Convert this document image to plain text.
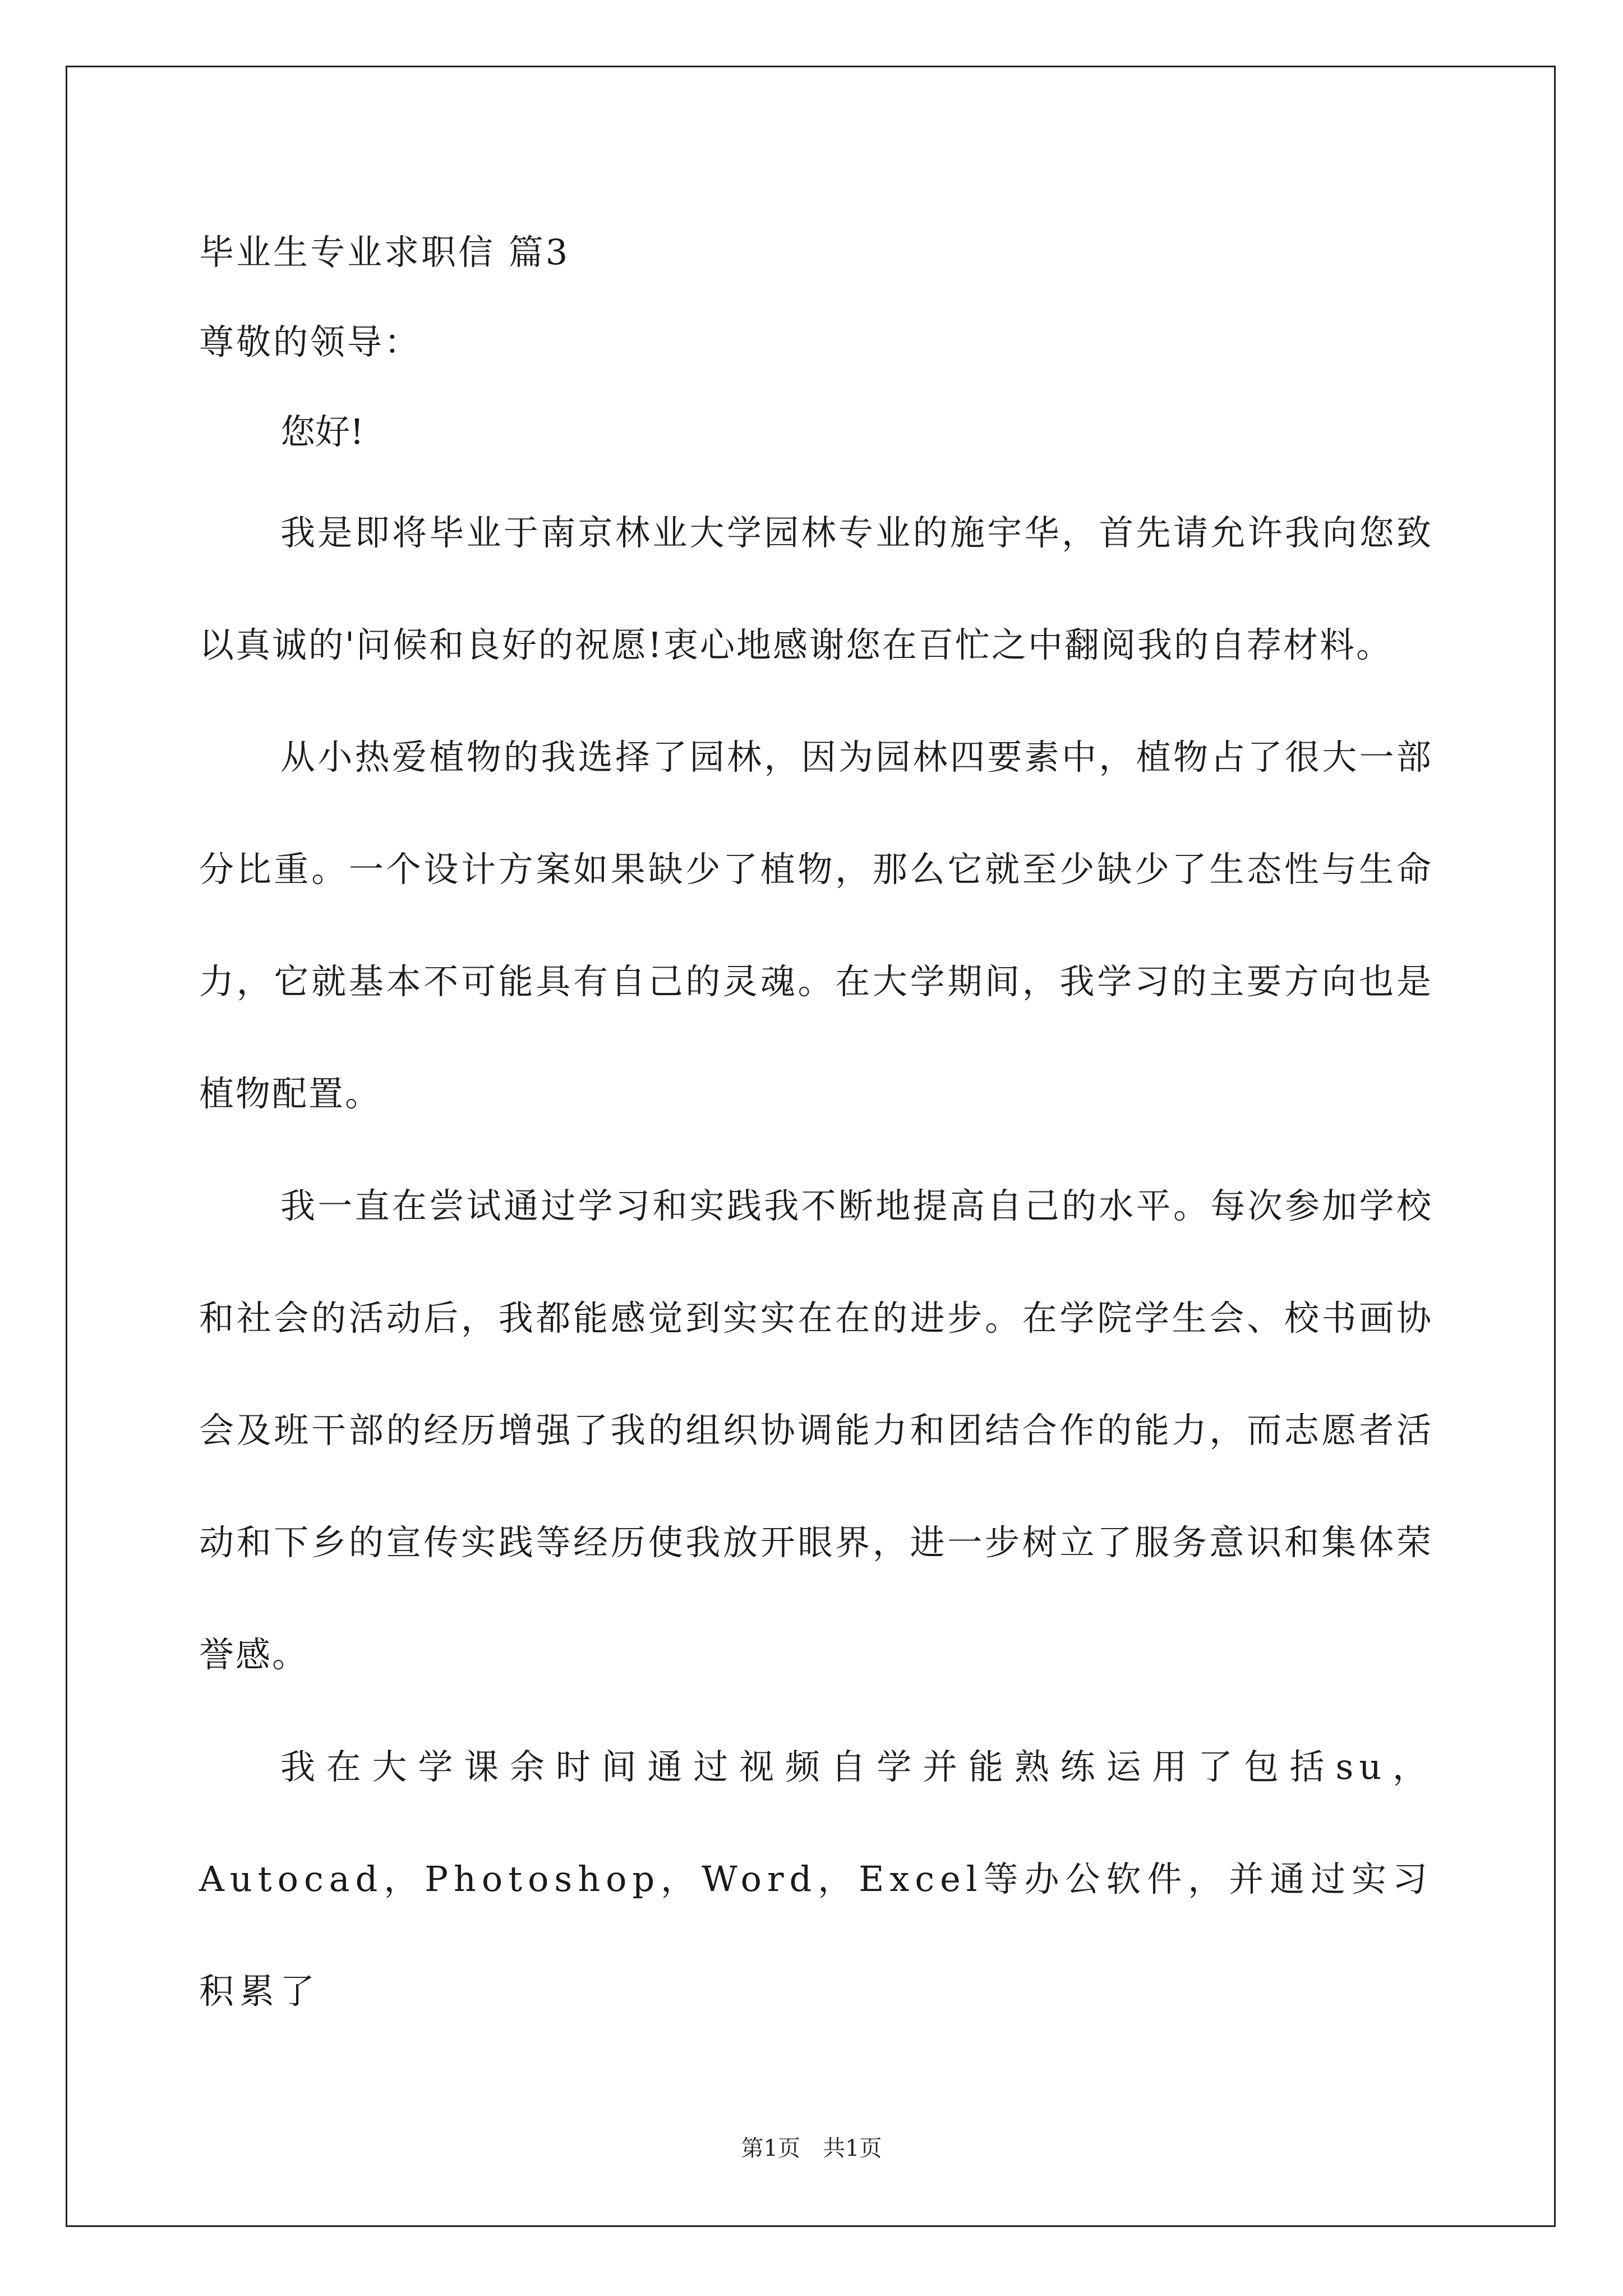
毕业生专业求职信 篇3
尊敬的领导：
您好!

我是即将毕业于南京林业大学园林专业的施宇华，首先请允许我向您致以真诚的'问候和良好的祝愿!衷心地感谢您在百忙之中翻阅我的自荐材料。

从小热爱植物的我选择了园林，因为园林四要素中，植物占了很大一部分比重。一个设计方案如果缺少了植物，那么它就至少缺少了生态性与生命力，它就基本不可能具有自己的灵魂。在大学期间，我学习的主要方向也是植物配置。

我一直在尝试通过学习和实践我不断地提高自己的水平。每次参加学校和社会的活动后，我都能感觉到实实在在的进步。在学院学生会、校书画协会及班干部的经历增强了我的组织协调能力和团结合作的能力，而志愿者活动和下乡的宣传实践等经历使我放开眼界，进一步树立了服务意识和集体荣誉感。

我在大学课余时间通过视频自学并能熟练运用了包括su，Autocad，Photoshop，Word，Excel等办公软件，并通过实习积累了

第1页　共1页
